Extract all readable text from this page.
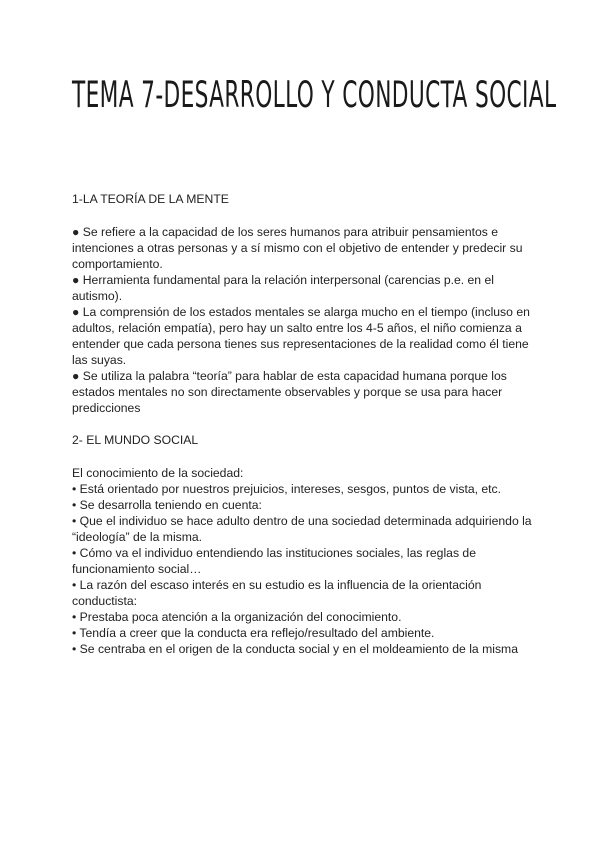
TEMA 7-DESARROLLO Y CONDUCTA SOCIAL

1-LA TEORÍA DE LA MENTE

● Se refiere a la capacidad de los seres humanos para atribuir pensamientos e intenciones a otras personas y a sí mismo con el objetivo de entender y predecir su comportamiento.

● Herramienta fundamental para la relación interpersonal (carencias p.e. en el autismo).

● La comprensión de los estados mentales se alarga mucho en el tiempo (incluso en adultos, relación empatía), pero hay un salto entre los 4-5 años, el niño comienza a entender que cada persona tienes sus representaciones de la realidad como él tiene las suyas.

● Se utiliza la palabra “teoría” para hablar de esta capacidad humana porque los estados mentales no son directamente observables y porque se usa para hacer predicciones

2- EL MUNDO SOCIAL

El conocimiento de la sociedad:

• Está orientado por nuestros prejuicios, intereses, sesgos, puntos de vista, etc.

• Se desarrolla teniendo en cuenta:

• Que el individuo se hace adulto dentro de una sociedad determinada adquiriendo la “ideología” de la misma.

• Cómo va el individuo entendiendo las instituciones sociales, las reglas de funcionamiento social…

• La razón del escaso interés en su estudio es la influencia de la orientación conductista:

• Prestaba poca atención a la organización del conocimiento.

• Tendía a creer que la conducta era reflejo/resultado del ambiente.

• Se centraba en el origen de la conducta social y en el moldeamiento de la misma
